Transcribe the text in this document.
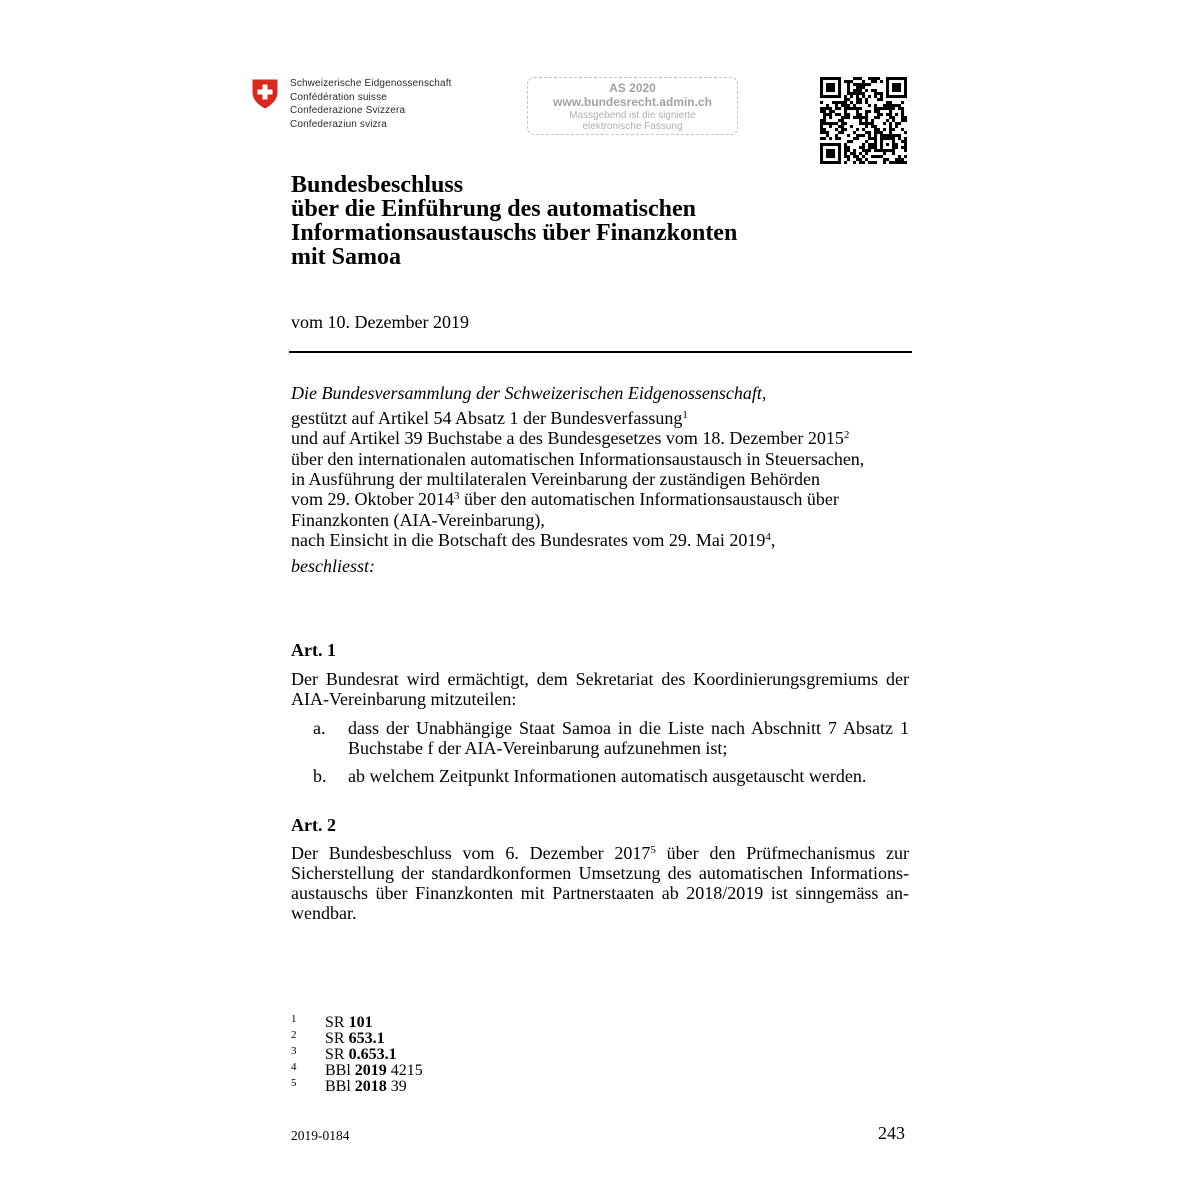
Schweizerische Eidgenossenschaft
Confédération suisse
Confederazione Svizzera
Confederaziun svizra
AS 2020
www.bundesrecht.admin.ch
Massgebend ist die signierte
elektronische Fassung
Bundesbeschluss
über die Einführung des automatischen
Informationsaustauschs über Finanzkonten
mit Samoa
vom 10. Dezember 2019
Die Bundesversammlung der Schweizerischen Eidgenossenschaft,
gestützt auf Artikel 54 Absatz 1 der Bundesverfassung$^1$
und auf Artikel 39 Buchstabe a des Bundesgesetzes vom 18. Dezember 2015$^2$
über den internationalen automatischen Informationsaustausch in Steuersachen,
in Ausführung der multilateralen Vereinbarung der zuständigen Behörden
vom 29. Oktober 2014$^3$ über den automatischen Informationsaustausch über
Finanzkonten (AIA-Vereinbarung),
nach Einsicht in die Botschaft des Bundesrates vom 29. Mai 2019$^4$,
beschliesst:
Art. 1
Der Bundesrat wird ermächtigt, dem Sekretariat des Koordinierungsgremiums der
AIA-Vereinbarung mitzuteilen:
a. dass der Unabhängige Staat Samoa in die Liste nach Abschnitt 7 Absatz 1
Buchstabe f der AIA-Vereinbarung aufzunehmen ist;
b. ab welchem Zeitpunkt Informationen automatisch ausgetauscht werden.
Art. 2
Der Bundesbeschluss vom 6. Dezember 2017$^5$ über den Prüfmechanismus zur
Sicherstellung der standardkonformen Umsetzung des automatischen Informations-
austauschs über Finanzkonten mit Partnerstaaten ab 2018/2019 ist sinngemäss an-
wendbar.
1 SR 101
2 SR 653.1
3 SR 0.653.1
4 BBl 2019 4215
5 BBl 2018 39
2019-0184	243
